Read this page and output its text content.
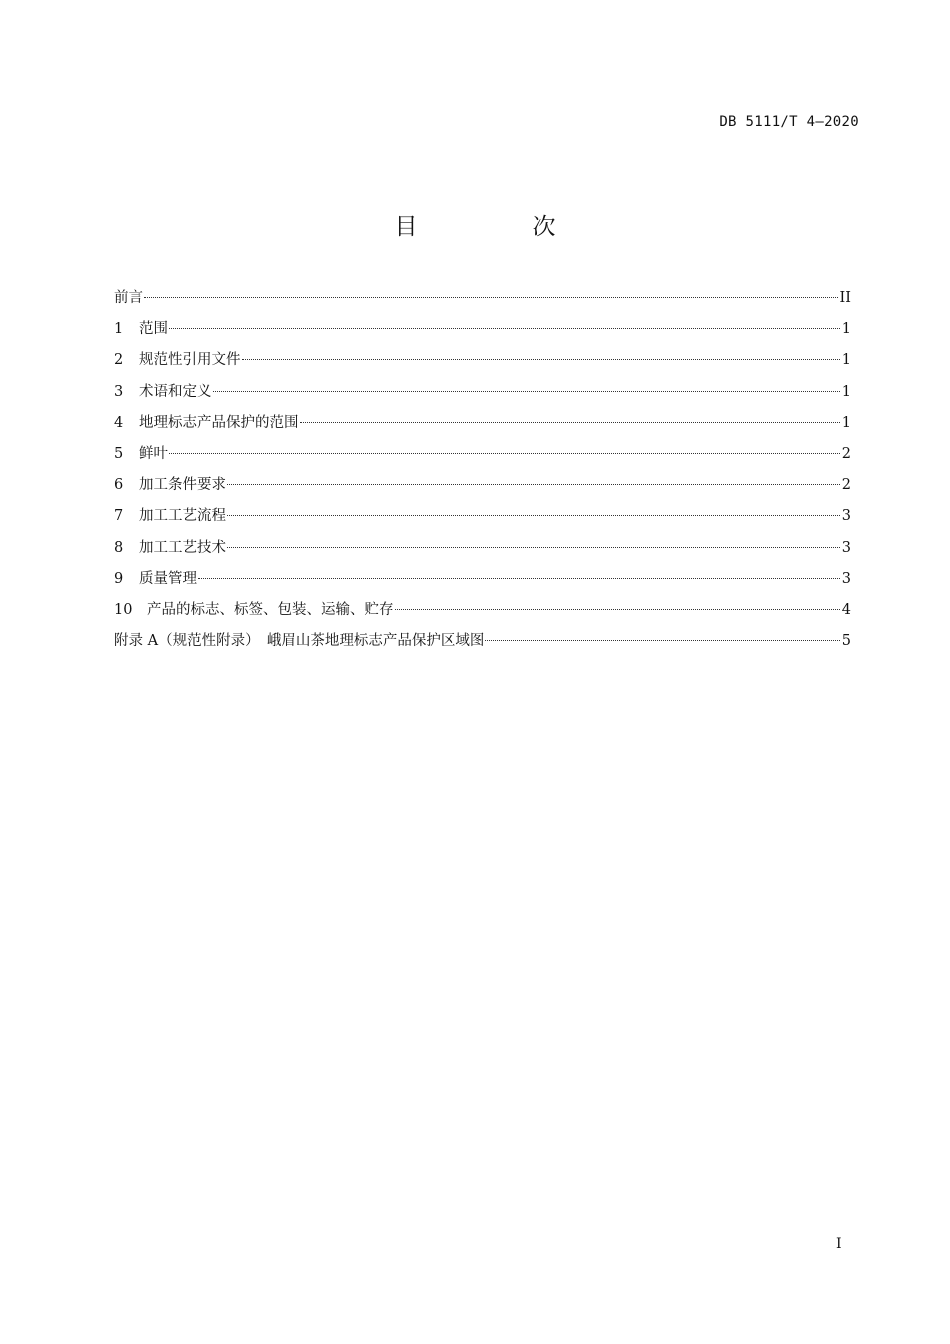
DB 5111/T 4—2020
目　次
前言	II
1	范围	1
2	规范性引用文件	1
3	术语和定义	1
4	地理标志产品保护的范围	1
5	鲜叶	2
6	加工条件要求	2
7	加工工艺流程	3
8	加工工艺技术	3
9	质量管理	3
10	产品的标志、标签、包装、运输、贮存	4
附录 A（规范性附录）　峨眉山茶地理标志产品保护区域图	5
I
